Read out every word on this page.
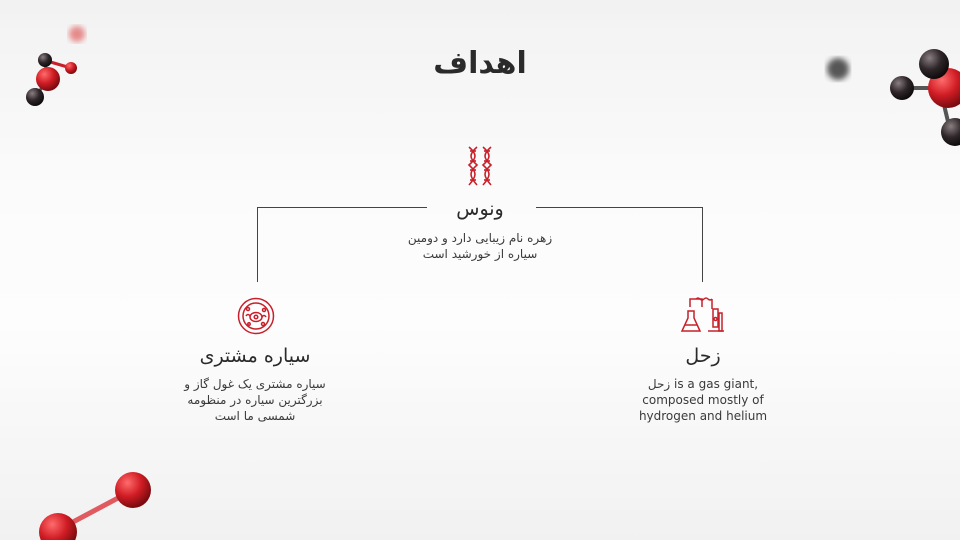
اهداف
ونوس
زهره نام زیبایی دارد و دومین
سیاره از خورشید است
سیاره مشتری
سیاره مشتری یک غول گاز و
بزرگترین سیاره در منظومه
شمسی ما است
زحل
زحل is a gas giant,
composed mostly of
hydrogen and helium
